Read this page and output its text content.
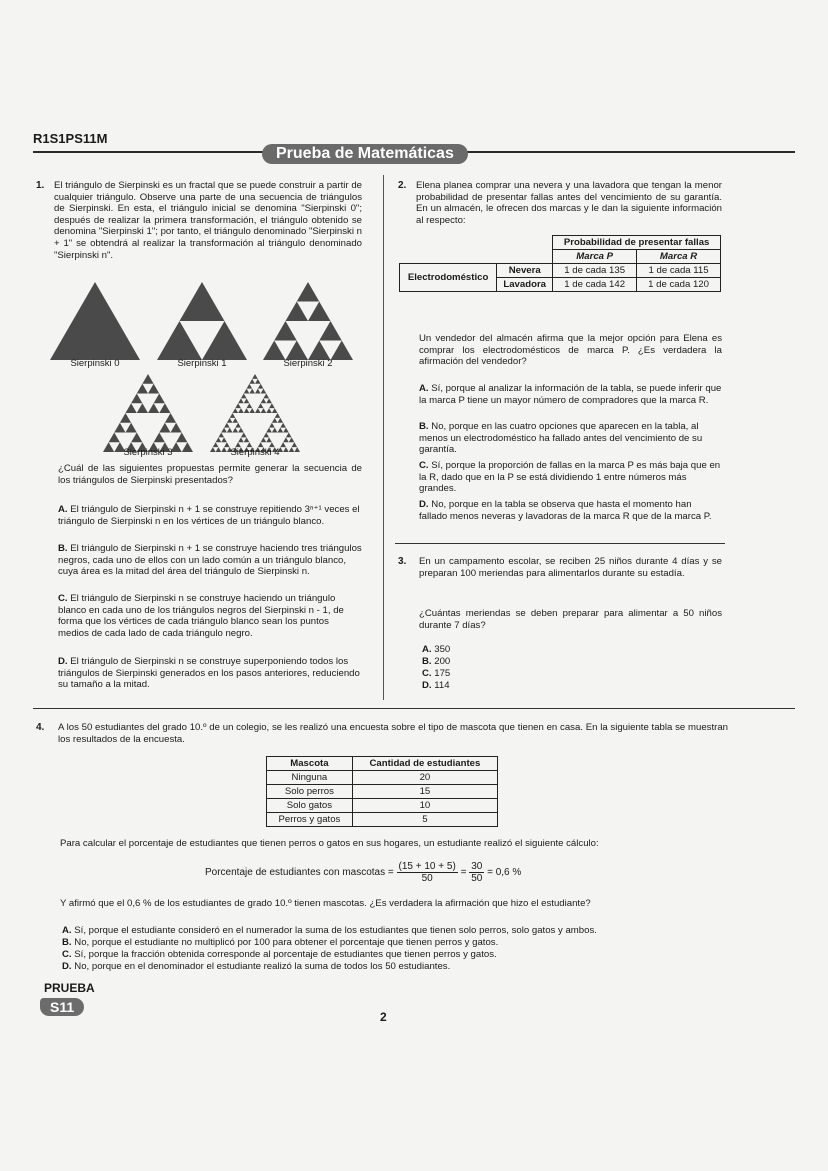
R1S1PS11M
Prueba de Matemáticas
1. El triángulo de Sierpinski es un fractal que se puede construir a partir de cualquier triángulo. Observe una parte de una secuencia de triángulos de Sierpinski. En esta, el triángulo inicial se denomina "Sierpinski 0"; después de realizar la primera transformación, el triángulo obtenido se denomina "Sierpinski 1"; por tanto, el triángulo denominado "Sierpinski n + 1" se obtendrá al realizar la transformación al triángulo denominado "Sierpinski n".
Sierpinski 0	Sierpinski 1	Sierpinski 2
Sierpinski 3	Sierpinski 4
¿Cuál de las siguientes propuestas permite generar la secuencia de los triángulos de Sierpinski presentados?
A. El triángulo de Sierpinski n + 1 se construye repitiendo 3ⁿ⁺¹ veces el triángulo de Sierpinski n en los vértices de un triángulo blanco.
B. El triángulo de Sierpinski n + 1 se construye haciendo tres triángulos negros, cada uno de ellos con un lado común a un triángulo blanco, cuya área es la mitad del área del triángulo de Sierpinski n.
C. El triángulo de Sierpinski n se construye haciendo un triángulo blanco en cada uno de los triángulos negros del Sierpinski n - 1, de forma que los vértices de cada triángulo blanco sean los puntos medios de cada lado de cada triángulo negro.
D. El triángulo de Sierpinski n se construye superponiendo todos los triángulos de Sierpinski generados en los pasos anteriores, reduciendo su tamaño a la mitad.
2. Elena planea comprar una nevera y una lavadora que tengan la menor probabilidad de presentar fallas antes del vencimiento de su garantía. En un almacén, le ofrecen dos marcas y le dan la siguiente información al respecto:
		Probabilidad de presentar fallas	
		Marca P	Marca R
Electrodoméstico	Nevera	1 de cada 135	1 de cada 115
	Lavadora	1 de cada 142	1 de cada 120
Un vendedor del almacén afirma que la mejor opción para Elena es comprar los electrodomésticos de marca P. ¿Es verdadera la afirmación del vendedor?
A. Sí, porque al analizar la información de la tabla, se puede inferir que la marca P tiene un mayor número de compradores que la marca R.
B. No, porque en las cuatro opciones que aparecen en la tabla, al menos un electrodoméstico ha fallado antes del vencimiento de su garantía.
C. Sí, porque la proporción de fallas en la marca P es más baja que en la R, dado que en la P se está dividiendo 1 entre números más grandes.
D. No, porque en la tabla se observa que hasta el momento han fallado menos neveras y lavadoras de la marca R que de la marca P.
3. En un campamento escolar, se reciben 25 niños durante 4 días y se preparan 100 meriendas para alimentarlos durante su estadía.
¿Cuántas meriendas se deben preparar para alimentar a 50 niños durante 7 días?
A. 350
B. 200
C. 175
D. 114
4. A los 50 estudiantes del grado 10.º de un colegio, se les realizó una encuesta sobre el tipo de mascota que tienen en casa. En la siguiente tabla se muestran los resultados de la encuesta.
Mascota	Cantidad de estudiantes
Ninguna	20
Solo perros	15
Solo gatos	10
Perros y gatos	5
Para calcular el porcentaje de estudiantes que tienen perros o gatos en sus hogares, un estudiante realizó el siguiente cálculo:
Porcentaje de estudiantes con mascotas = $\frac{(15 + 10 + 5)}{50} = \frac{30}{50} = 0,6$ %
Y afirmó que el 0,6 % de los estudiantes de grado 10.º tienen mascotas. ¿Es verdadera la afirmación que hizo el estudiante?
A. Sí, porque el estudiante consideró en el numerador la suma de los estudiantes que tienen solo perros, solo gatos y ambos.
B. No, porque el estudiante no multiplicó por 100 para obtener el porcentaje que tienen perros y gatos.
C. Sí, porque la fracción obtenida corresponde al porcentaje de estudiantes que tienen perros y gatos.
D. No, porque en el denominador el estudiante realizó la suma de todos los 50 estudiantes.
PRUEBA
S11
2
